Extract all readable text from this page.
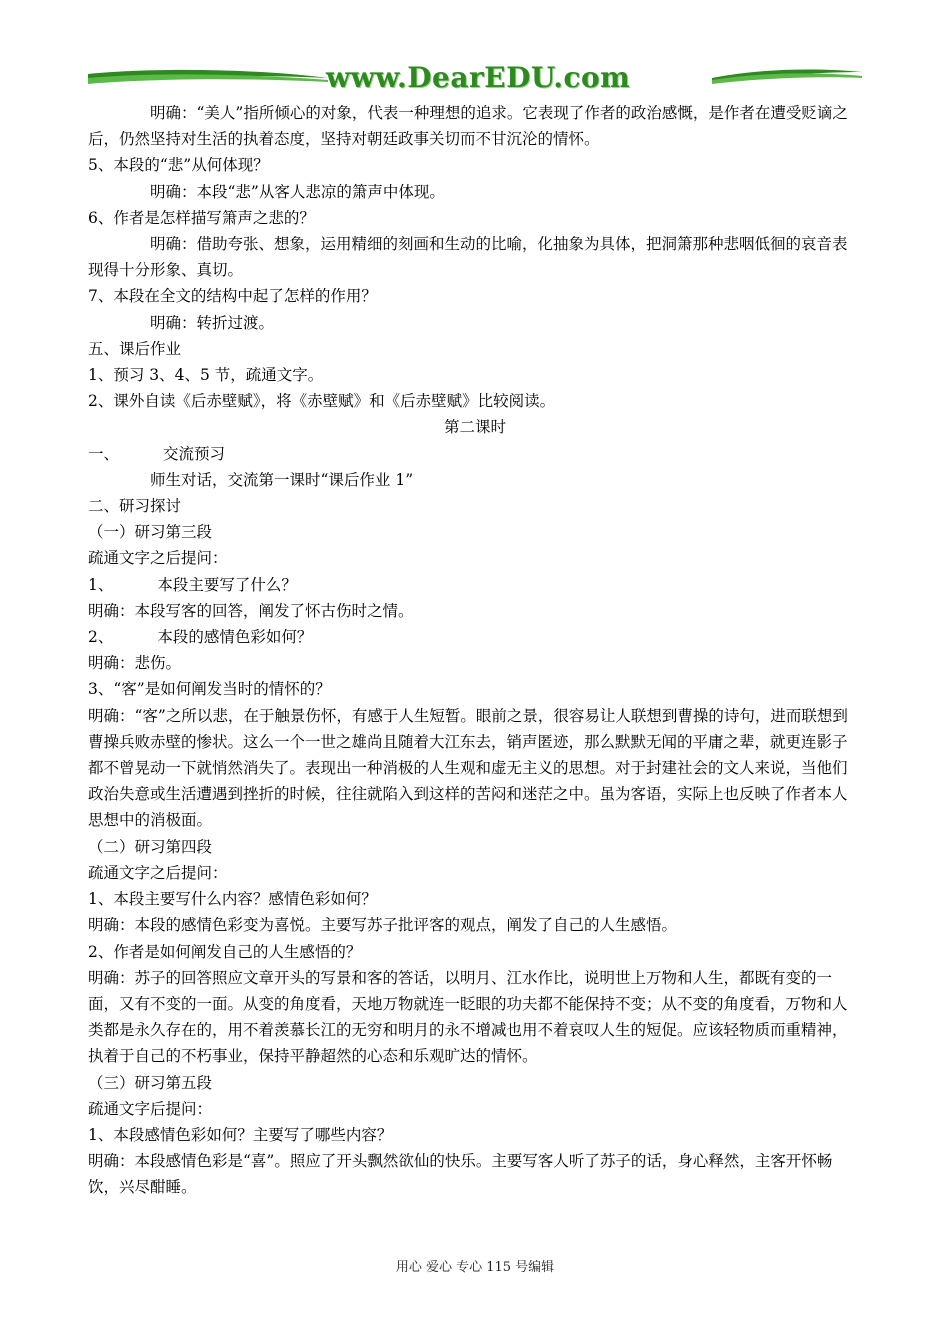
www.DearEDU.com

明确：“美人”指所倾心的对象，代表一种理想的追求。它表现了作者的政治感慨，是作者在遭受贬谪之后，仍然坚持对生活的执着态度，坚持对朝廷政事关切而不甘沉沦的情怀。

5、本段的“悲”从何体现？

明确：本段“悲”从客人悲凉的箫声中体现。

6、作者是怎样描写箫声之悲的？

明确：借助夸张、想象，运用精细的刻画和生动的比喻，化抽象为具体，把洞箫那种悲咽低徊的哀音表现得十分形象、真切。

7、本段在全文的结构中起了怎样的作用？

明确：转折过渡。

五、课后作业

1、预习 3、4、5 节，疏通文字。

2、课外自读《后赤壁赋》，将《赤壁赋》和《后赤壁赋》比较阅读。

第二课时

一、	交流预习

师生对话，交流第一课时“课后作业 1”

二、研习探讨

（一）研习第三段

疏通文字之后提问：

1、	本段主要写了什么？

明确：本段写客的回答，阐发了怀古伤时之情。

2、	本段的感情色彩如何？

明确：悲伤。

3、“客”是如何阐发当时的情怀的？

明确：“客”之所以悲，在于触景伤怀，有感于人生短暂。眼前之景，很容易让人联想到曹操的诗句，进而联想到曹操兵败赤壁的惨状。这么一个一世之雄尚且随着大江东去，销声匿迹，那么默默无闻的平庸之辈，就更连影子都不曾晃动一下就悄然消失了。表现出一种消极的人生观和虚无主义的思想。对于封建社会的文人来说，当他们政治失意或生活遭遇到挫折的时候，往往就陷入到这样的苦闷和迷茫之中。虽为客语，实际上也反映了作者本人思想中的消极面。

（二）研习第四段

疏通文字之后提问：

1、本段主要写什么内容？感情色彩如何？

明确：本段的感情色彩变为喜悦。主要写苏子批评客的观点，阐发了自己的人生感悟。

2、作者是如何阐发自己的人生感悟的？

明确：苏子的回答照应文章开头的写景和客的答话，以明月、江水作比，说明世上万物和人生，都既有变的一面，又有不变的一面。从变的角度看，天地万物就连一眨眼的功夫都不能保持不变；从不变的角度看，万物和人类都是永久存在的，用不着羡慕长江的无穷和明月的永不增减也用不着哀叹人生的短促。应该轻物质而重精神，执着于自己的不朽事业，保持平静超然的心态和乐观旷达的情怀。

（三）研习第五段

疏通文字后提问：

1、本段感情色彩如何？主要写了哪些内容？

明确：本段感情色彩是“喜”。照应了开头飘然欲仙的快乐。主要写客人听了苏子的话，身心释然，主客开怀畅饮，兴尽酣睡。

用心 爱心 专心 115 号编辑
